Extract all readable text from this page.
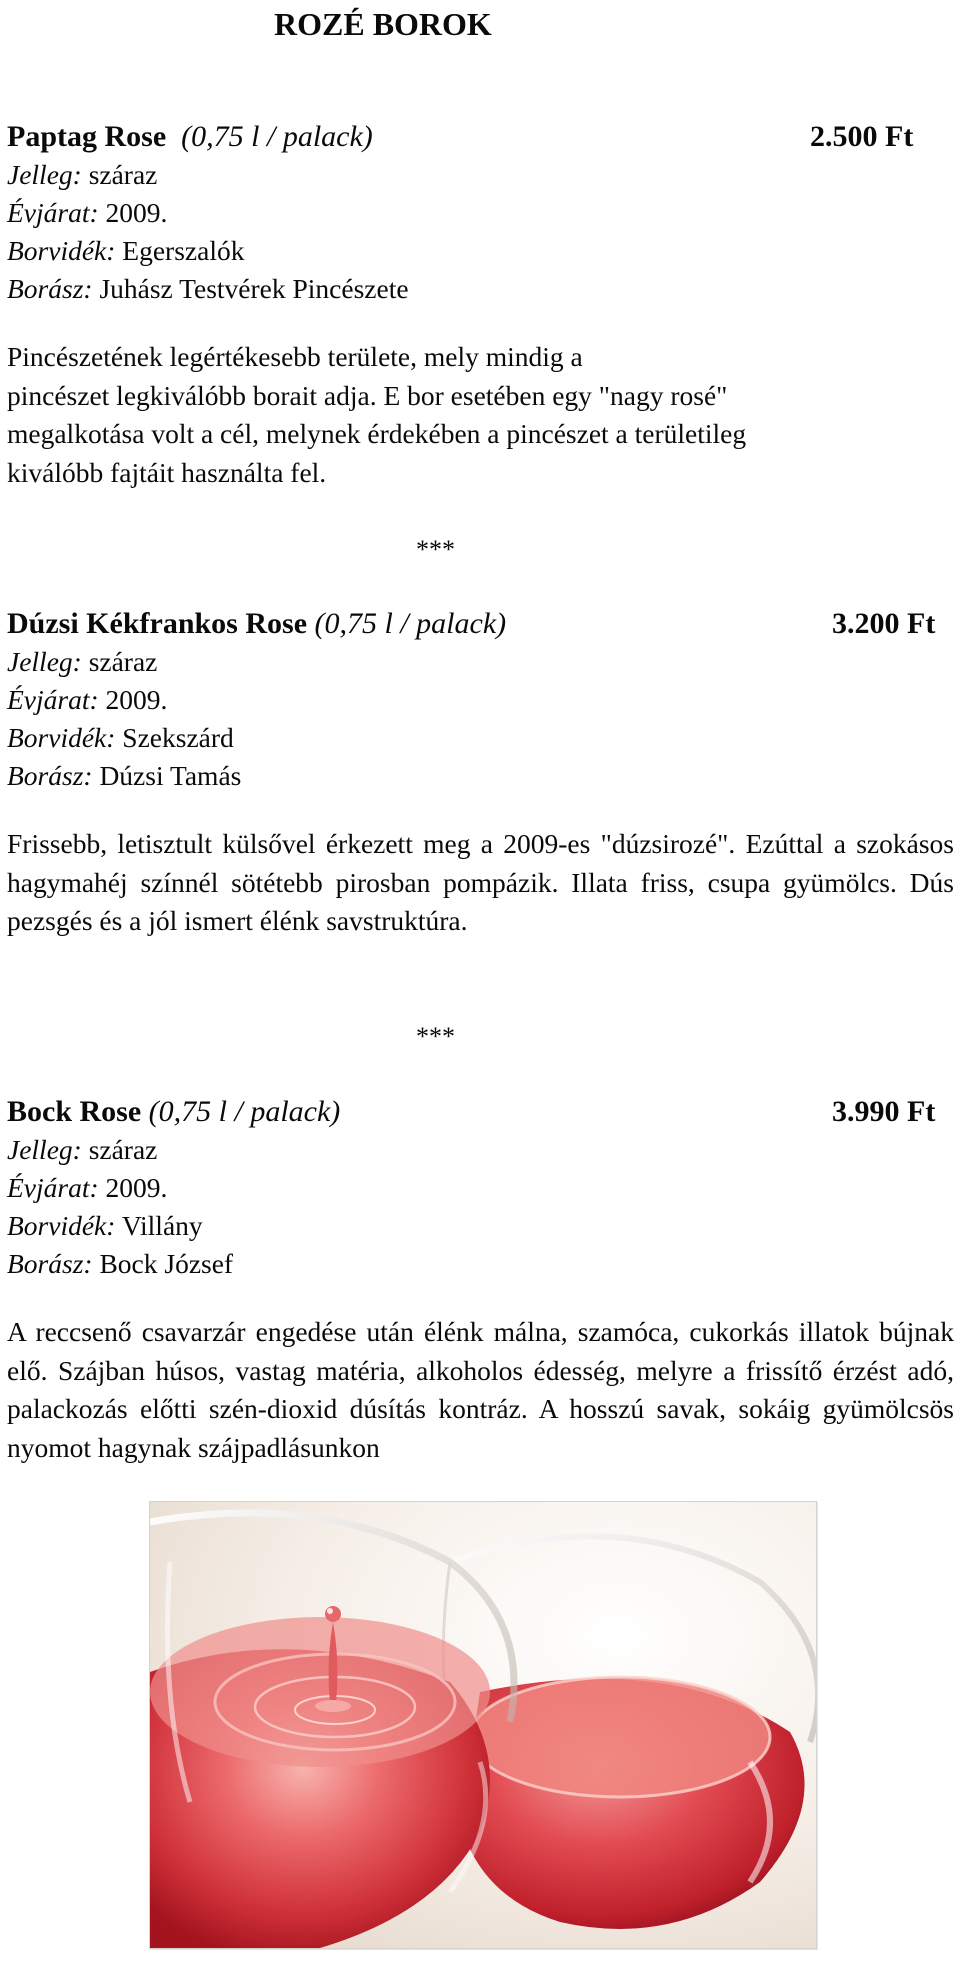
ROZÉ BOROK
Paptag Rose (0,75 l / palack)	2.500 Ft
Jelleg: száraz
Évjárat: 2009.
Borvidék: Egerszalók
Borász: Juhász Testvérek Pincészete

Pincészetének legértékesebb területe, mely mindig a
pincészet legkiválóbb borait adja. E bor esetében egy "nagy rosé"
megalkotása volt a cél, melynek érdekében a pincészet a területileg
kiválóbb fajtáit használta fel.

***
Dúzsi Kékfrankos Rose (0,75 l / palack)	3.200 Ft
Jelleg: száraz
Évjárat: 2009.
Borvidék: Szekszárd
Borász: Dúzsi Tamás

Frissebb, letisztult külsővel érkezett meg a 2009-es "dúzsirozé". Ezúttal a szokásos hagymahéj színnél sötétebb pirosban pompázik. Illata friss, csupa gyümölcs. Dús pezsgés és a jól ismert élénk savstruktúra.

***
Bock Rose (0,75 l / palack)	3.990 Ft
Jelleg: száraz
Évjárat: 2009.
Borvidék: Villány
Borász: Bock József

A reccsenő csavarzár engedése után élénk málna, szamóca, cukorkás illatok bújnak elő. Szájban húsos, vastag matéria, alkoholos édesség, melyre a frissítő érzést adó, palackozás előtti szén-dioxid dúsítás kontráz. A hosszú savak, sokáig gyümölcsös nyomot hagynak szájpadlásunkon
